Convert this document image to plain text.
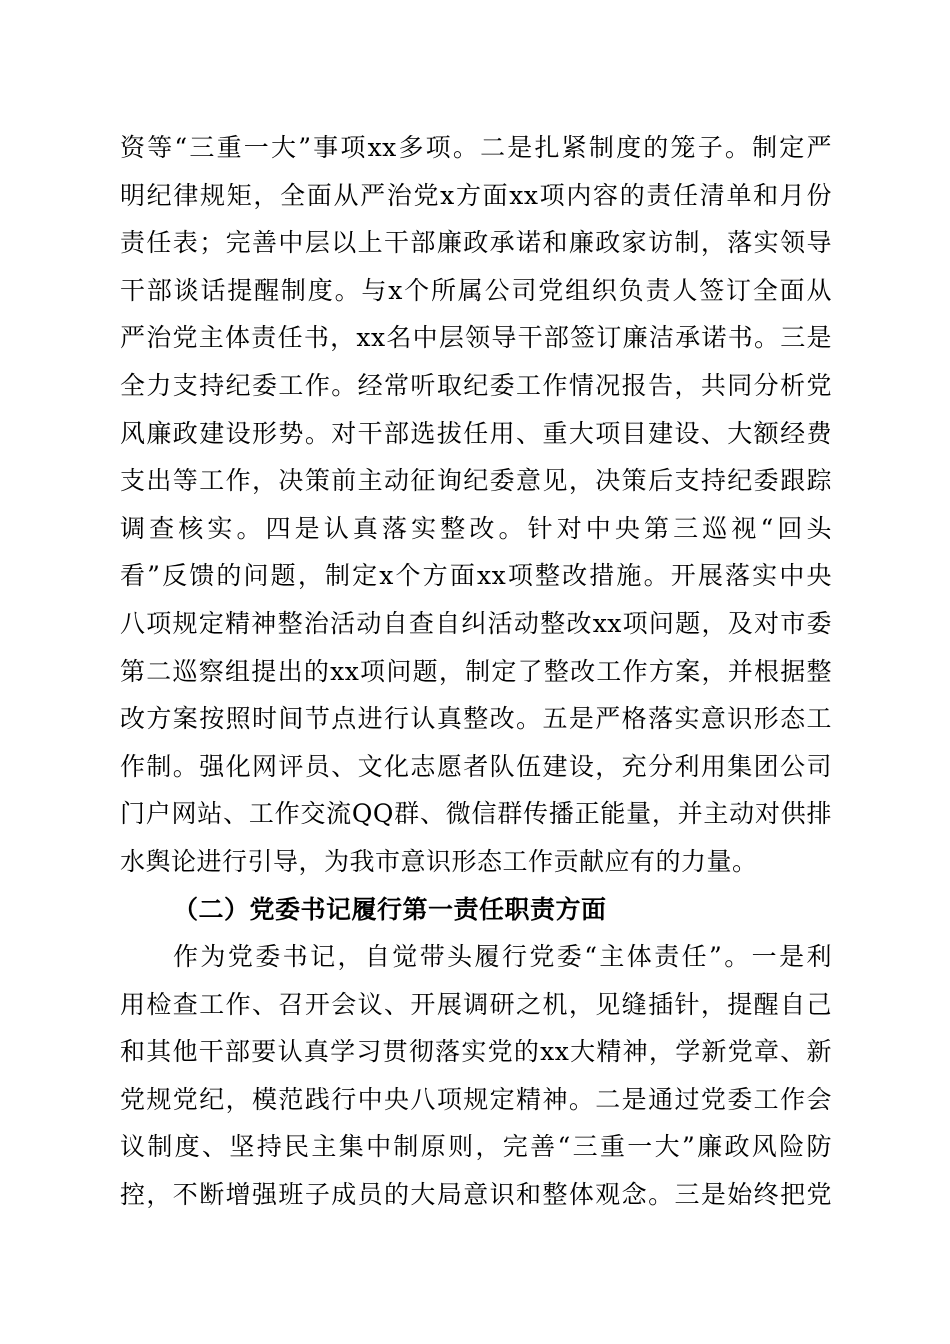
资等“三重一大”事项xx多项。二是扎紧制度的笼子。制定严
明纪律规矩，全面从严治党x方面xx项内容的责任清单和月份
责任表；完善中层以上干部廉政承诺和廉政家访制，落实领导
干部谈话提醒制度。与x个所属公司党组织负责人签订全面从
严治党主体责任书，xx名中层领导干部签订廉洁承诺书。三是
全力支持纪委工作。经常听取纪委工作情况报告，共同分析党
风廉政建设形势。对干部选拔任用、重大项目建设、大额经费
支出等工作，决策前主动征询纪委意见，决策后支持纪委跟踪
调查核实。四是认真落实整改。针对中央第三巡视“回头
看”反馈的问题，制定x个方面xx项整改措施。开展落实中央
八项规定精神整治活动自查自纠活动整改xx项问题，及对市委
第二巡察组提出的xx项问题，制定了整改工作方案，并根据整
改方案按照时间节点进行认真整改。五是严格落实意识形态工
作制。强化网评员、文化志愿者队伍建设，充分利用集团公司
门户网站、工作交流QQ群、微信群传播正能量，并主动对供排
水舆论进行引导，为我市意识形态工作贡献应有的力量。
（二）党委书记履行第一责任职责方面
作为党委书记，自觉带头履行党委“主体责任”。一是利
用检查工作、召开会议、开展调研之机，见缝插针，提醒自己
和其他干部要认真学习贯彻落实党的xx大精神，学新党章、新
党规党纪，模范践行中央八项规定精神。二是通过党委工作会
议制度、坚持民主集中制原则，完善“三重一大”廉政风险防
控，不断增强班子成员的大局意识和整体观念。三是始终把党
